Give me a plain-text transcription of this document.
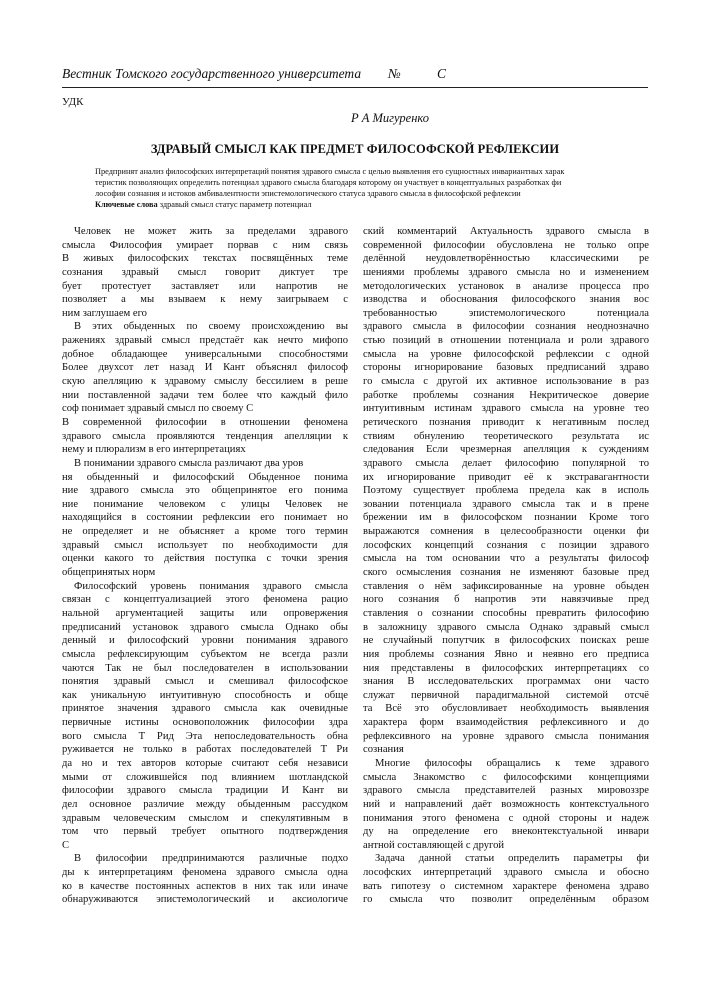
Вестник Томского государственного университета №	С
УДК
Р А Мигуренко
ЗДРАВЫЙ СМЫСЛ КАК ПРЕДМЕТ ФИЛОСОФСКОЙ РЕФЛЕКСИИ
Предпринят анализ философских интерпретаций понятия здравого смысла с целью выявления его сущностных инвариантных харак
теристик позволяющих определить потенциал здравого смысла благодаря которому он участвует в концептуальных разработках фи
лософии сознания и истоков амбивалентности эпистемологического статуса здравого смысла в философской рефлексии
Ключевые слова здравый смысл статус параметр потенциал
Человек не может жить за пределами здравого
смысла Философия умирает порвав с ним связь
В живых философских текстах посвящённых теме
сознания здравый смысл говорит диктует тре
бует протестует заставляет или напротив не
позволяет а мы взываем к нему заигрываем с
ним заглушаем его
В этих обыденных по своему происхождению вы
ражениях здравый смысл предстаёт как нечто мифопо
добное обладающее универсальными способностями
Более двухсот лет назад И Кант объяснял философ
скую апелляцию к здравому смыслу бессилием в реше
нии поставленной задачи тем более что каждый фило
соф понимает здравый смысл по своему С
В современной философии в отношении феномена
здравого смысла проявляются тенденция апелляции к
нему и плюрализм в его интерпретациях
В понимании здравого смысла различают два уров
ня обыденный и философский Обыденное понима
ние здравого смысла это общепринятое его понима
ние понимание человеком с улицы Человек не
находящийся в состоянии рефлексии его понимает но
не определяет и не объясняет а кроме того термин
здравый смысл использует по необходимости для
оценки какого то действия поступка с точки зрения
общепринятых норм
Философский уровень понимания здравого смысла
связан с концептуализацией этого феномена рацио
нальной аргументацией защиты или опровержения
предписаний установок здравого смысла Однако обы
денный и философский уровни понимания здравого
смысла рефлексирующим субъектом не всегда разли
чаются Так не был последователен в использовании
понятия здравый смысл и смешивал философское
как уникальную интуитивную способность и обще
принятое значения здравого смысла как очевидные
первичные истины основоположник философии здра
вого смысла Т Рид Эта непоследовательность обна
руживается не только в работах последователей Т Ри
да но и тех авторов которые считают себя независи
мыми от сложившейся под влиянием шотландской
философии здравого смысла традиции И Кант ви
дел основное различие между обыденным рассудком
здравым человеческим смыслом и спекулятивным в
том что первый требует опытного подтверждения
С
В философии предпринимаются различные подхо
ды к интерпретациям феномена здравого смысла одна
ко в качестве постоянных аспектов в них так или иначе
обнаруживаются эпистемологический и аксиологиче
ский комментарий Актуальность здравого смысла в
современной философии обусловлена не только опре
делённой неудовлетворённостью классическими ре
шениями проблемы здравого смысла но и изменением
методологических установок в анализе процесса про
изводства и обоснования философского знания вос
требованностью эпистемологического потенциала
здравого смысла в философии сознания неоднозначно
стью позиций в отношении потенциала и роли здравого
смысла на уровне философской рефлексии с одной
стороны игнорирование базовых предписаний здраво
го смысла с другой их активное использование в раз
работке проблемы сознания Некритическое доверие
интуитивным истинам здравого смысла на уровне тео
ретического познания приводит к негативным послед
ствиям обнулению теоретического результата ис
следования Если чрезмерная апелляция к суждениям
здравого смысла делает философию популярной то
их игнорирование приводит её к экстравагантности
Поэтому существует проблема предела как в исполь
зовании потенциала здравого смысла так и в прене
брежении им в философском познании Кроме того
выражаются сомнения в целесообразности оценки фи
лософских концепций сознания с позиции здравого
смысла на том основании что а результаты философ
ского осмысления сознания не изменяют базовые пред
ставления о нём зафиксированные на уровне обыден
ного сознания б напротив эти навязчивые пред
ставления о сознании способны превратить философию
в заложницу здравого смысла Однако здравый смысл
не случайный попутчик в философских поисках реше
ния проблемы сознания Явно и неявно его предписа
ния представлены в философских интерпретациях со
знания В исследовательских программах они часто
служат первичной парадигмальной системой отсчё
та Всё это обусловливает необходимость выявления
характера форм взаимодействия рефлексивного и до
рефлексивного на уровне здравого смысла понимания
сознания
Многие философы обращались к теме здравого
смысла Знакомство с философскими концепциями
здравого смысла представителей разных мировоззре
ний и направлений даёт возможность контекстуального
понимания этого феномена с одной стороны и надеж
ду на определение его внеконтекстуальной инвари
антной составляющей с другой
Задача данной статьи определить параметры фи
лософских интерпретаций здравого смысла и обосно
вать гипотезу о системном характере феномена здраво
го смысла что позволит определённым образом
